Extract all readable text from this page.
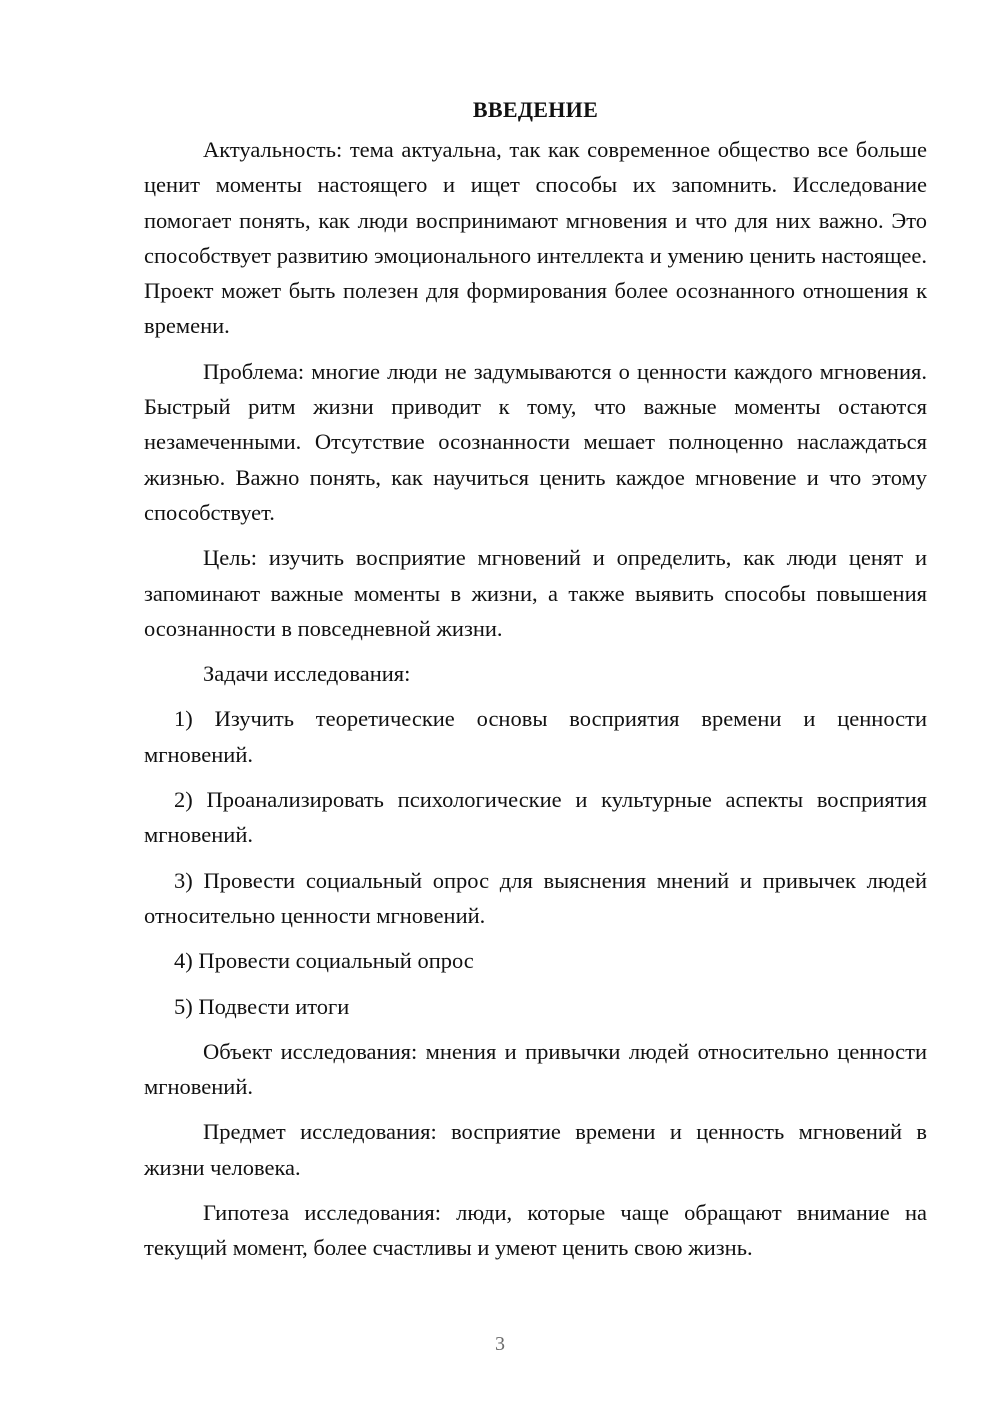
ВВЕДЕНИЕ

Актуальность: тема актуальна, так как современное общество все больше ценит моменты настоящего и ищет способы их запомнить. Исследование помогает понять, как люди воспринимают мгновения и что для них важно. Это способствует развитию эмоционального интеллекта и умению ценить настоящее. Проект может быть полезен для формирования более осознанного отношения к времени.

Проблема: многие люди не задумываются о ценности каждого мгновения. Быстрый ритм жизни приводит к тому, что важные моменты остаются незамеченными. Отсутствие осознанности мешает полноценно наслаждаться жизнью. Важно понять, как научиться ценить каждое мгновение и что этому способствует.

Цель: изучить восприятие мгновений и определить, как люди ценят и запоминают важные моменты в жизни, а также выявить способы повышения осознанности в повседневной жизни.

Задачи исследования:

1) Изучить теоретические основы восприятия времени и ценности мгновений.

2) Проанализировать психологические и культурные аспекты восприятия мгновений.

3) Провести социальный опрос для выяснения мнений и привычек людей относительно ценности мгновений.

4) Провести социальный опрос

5) Подвести итоги

Объект исследования: мнения и привычки людей относительно ценности мгновений.

Предмет исследования: восприятие времени и ценность мгновений в жизни человека.

Гипотеза исследования: люди, которые чаще обращают внимание на текущий момент, более счастливы и умеют ценить свою жизнь.

3
